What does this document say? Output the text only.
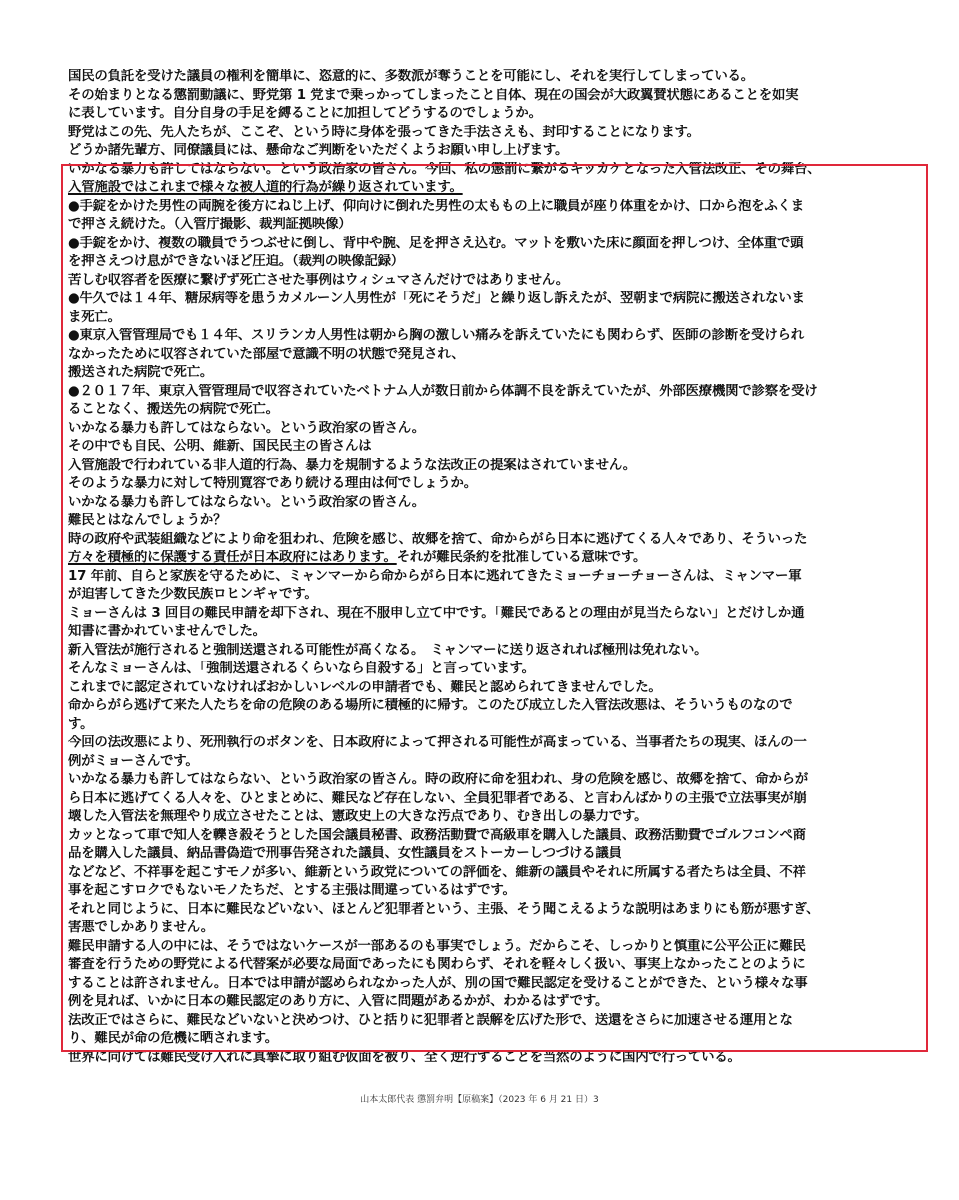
国民の負託を受けた議員の権利を簡単に、恣意的に、多数派が奪うことを可能にし、それを実行してしまっている。
その始まりとなる懲罰動議に、野党第 1 党まで乗っかってしまったこと自体、現在の国会が大政翼賛状態にあることを如実
に表しています。自分自身の手足を縛ることに加担してどうするのでしょうか。
野党はこの先、先人たちが、ここぞ、という時に身体を張ってきた手法さえも、封印することになります。
どうか諸先輩方、同僚議員には、懸命なご判断をいただくようお願い申し上げます。
いかなる暴力も許してはならない。という政治家の皆さん。今回、私の懲罰に繋がるキッカケとなった入管法改正、その舞台、
入管施設ではこれまで様々な被人道的行為が繰り返されています。
●手錠をかけた男性の両腕を後方にねじ上げ、仰向けに倒れた男性の太ももの上に職員が座り体重をかけ、口から泡をふくま
で押さえ続けた。（入管庁撮影、裁判証拠映像）
●手錠をかけ、複数の職員でうつぶせに倒し、背中や腕、足を押さえ込む。マットを敷いた床に顔面を押しつけ、全体重で頭
を押さえつけ息ができないほど圧迫。（裁判の映像記録）
苦しむ収容者を医療に繋げず死亡させた事例はウィシュマさんだけではありません。
●牛久では１４年、糖尿病等を患うカメルーン人男性が「死にそうだ」と繰り返し訴えたが、翌朝まで病院に搬送されないま
ま死亡。
●東京入管管理局でも１４年、スリランカ人男性は朝から胸の激しい痛みを訴えていたにも関わらず、医師の診断を受けられ
なかったために収容されていた部屋で意識不明の状態で発見され、
搬送された病院で死亡。
●２０１７年、東京入管管理局で収容されていたベトナム人が数日前から体調不良を訴えていたが、外部医療機関で診察を受け
ることなく、搬送先の病院で死亡。
いかなる暴力も許してはならない。という政治家の皆さん。
その中でも自民、公明、維新、国民民主の皆さんは
入管施設で行われている非人道的行為、暴力を規制するような法改正の提案はされていません。
そのような暴力に対して特別寛容であり続ける理由は何でしょうか。
いかなる暴力も許してはならない。という政治家の皆さん。
難民とはなんでしょうか？
時の政府や武装組織などにより命を狙われ、危険を感じ、故郷を捨て、命からがら日本に逃げてくる人々であり、そういった
方々を積極的に保護する責任が日本政府にはあります。それが難民条約を批准している意味です。
17 年前、自らと家族を守るために、ミャンマーから命からがら日本に逃れてきたミョーチョーチョーさんは、ミャンマー軍
が迫害してきた少数民族ロヒンギャです。
ミョーさんは 3 回目の難民申請を却下され、現在不服申し立て中です。「難民であるとの理由が見当たらない」とだけしか通
知書に書かれていませんでした。
新入管法が施行されると強制送還される可能性が高くなる。　ミャンマーに送り返されれば極刑は免れない。
そんなミョーさんは、「強制送還されるくらいなら自殺する」と言っています。
これまでに認定されていなければおかしいレベルの申請者でも、難民と認められてきませんでした。
命からがら逃げて来た人たちを命の危険のある場所に積極的に帰す。このたび成立した入管法改悪は、そういうものなので
す。
今回の法改悪により、死刑執行のボタンを、日本政府によって押される可能性が高まっている、当事者たちの現実、ほんの一
例がミョーさんです。
いかなる暴力も許してはならない、という政治家の皆さん。時の政府に命を狙われ、身の危険を感じ、故郷を捨て、命からが
ら日本に逃げてくる人々を、ひとまとめに、難民など存在しない、全員犯罪者である、と言わんばかりの主張で立法事実が崩
壊した入管法を無理やり成立させたことは、憲政史上の大きな汚点であり、むき出しの暴力です。
カッとなって車で知人を轢き殺そうとした国会議員秘書、政務活動費で高級車を購入した議員、政務活動費でゴルフコンペ商
品を購入した議員、納品書偽造で刑事告発された議員、女性議員をストーカーしつづける議員
などなど、不祥事を起こすモノが多い、維新という政党についての評価を、維新の議員やそれに所属する者たちは全員、不祥
事を起こすロクでもないモノたちだ、とする主張は間違っているはずです。
それと同じように、日本に難民などいない、ほとんど犯罪者という、主張、そう聞こえるような説明はあまりにも筋が悪すぎ、
害悪でしかありません。
難民申請する人の中には、そうではないケースが一部あるのも事実でしょう。だからこそ、しっかりと慎重に公平公正に難民
審査を行うための野党による代替案が必要な局面であったにも関わらず、それを軽々しく扱い、事実上なかったことのように
することは許されません。日本では申請が認められなかった人が、別の国で難民認定を受けることができた、という様々な事
例を見れば、いかに日本の難民認定のあり方に、入管に問題があるかが、わかるはずです。
法改正ではさらに、難民などいないと決めつけ、ひと括りに犯罪者と誤解を広げた形で、送還をさらに加速させる運用とな
り、難民が命の危機に晒されます。
世界に向けては難民受け入れに真摯に取り組む仮面を被り、全く逆行することを当然のように国内で行っている。
山本太郎代表 懲罰弁明【原稿案】（2023 年 6 月 21 日）3
